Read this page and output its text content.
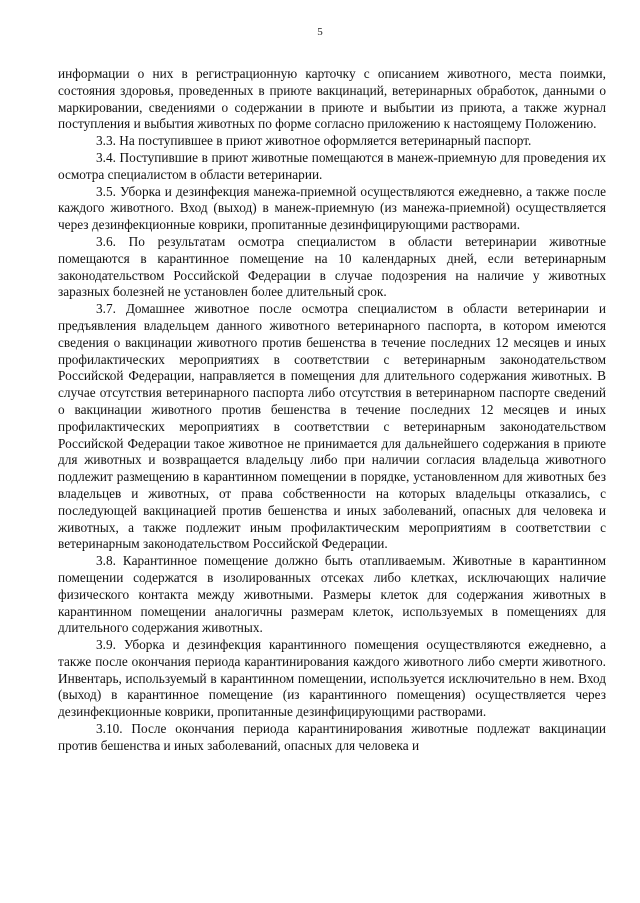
5

информации о них в регистрационную карточку с описанием животного, места поимки, состояния здоровья, проведенных в приюте вакцинаций, ветеринарных обработок, данными о маркировании, сведениями о содержании в приюте и выбытии из приюта, а также журнал поступления и выбытия животных по форме согласно приложению к настоящему Положению.

3.3. На поступившее в приют животное оформляется ветеринарный паспорт.

3.4. Поступившие в приют животные помещаются в манеж-приемную для проведения их осмотра специалистом в области ветеринарии.

3.5. Уборка и дезинфекция манежа-приемной осуществляются ежедневно, а также после каждого животного. Вход (выход) в манеж-приемную (из манежа-приемной) осуществляется через дезинфекционные коврики, пропитанные дезинфицирующими растворами.

3.6. По результатам осмотра специалистом в области ветеринарии животные помещаются в карантинное помещение на 10 календарных дней, если ветеринарным законодательством Российской Федерации в случае подозрения на наличие у животных заразных болезней не установлен более длительный срок.

3.7. Домашнее животное после осмотра специалистом в области ветеринарии и предъявления владельцем данного животного ветеринарного паспорта, в котором имеются сведения о вакцинации животного против бешенства в течение последних 12 месяцев и иных профилактических мероприятиях в соответствии с ветеринарным законодательством Российской Федерации, направляется в помещения для длительного содержания животных. В случае отсутствия ветеринарного паспорта либо отсутствия в ветеринарном паспорте сведений о вакцинации животного против бешенства в течение последних 12 месяцев и иных профилактических мероприятиях в соответствии с ветеринарным законодательством Российской Федерации такое животное не принимается для дальнейшего содержания в приюте для животных и возвращается владельцу либо при наличии согласия владельца животного подлежит размещению в карантинном помещении в порядке, установленном для животных без владельцев и животных, от права собственности на которых владельцы отказались, с последующей вакцинацией против бешенства и иных заболеваний, опасных для человека и животных, а также подлежит иным профилактическим мероприятиям в соответствии с ветеринарным законодательством Российской Федерации.

3.8. Карантинное помещение должно быть отапливаемым. Животные в карантинном помещении содержатся в изолированных отсеках либо клетках, исключающих наличие физического контакта между животными. Размеры клеток для содержания животных в карантинном помещении аналогичны размерам клеток, используемых в помещениях для длительного содержания животных.

3.9. Уборка и дезинфекция карантинного помещения осуществляются ежедневно, а также после окончания периода карантинирования каждого животного либо смерти животного. Инвентарь, используемый в карантинном помещении, используется исключительно в нем. Вход (выход) в карантинное помещение (из карантинного помещения) осуществляется через дезинфекционные коврики, пропитанные дезинфицирующими растворами.

3.10. После окончания периода карантинирования животные подлежат вакцинации против бешенства и иных заболеваний, опасных для человека и
